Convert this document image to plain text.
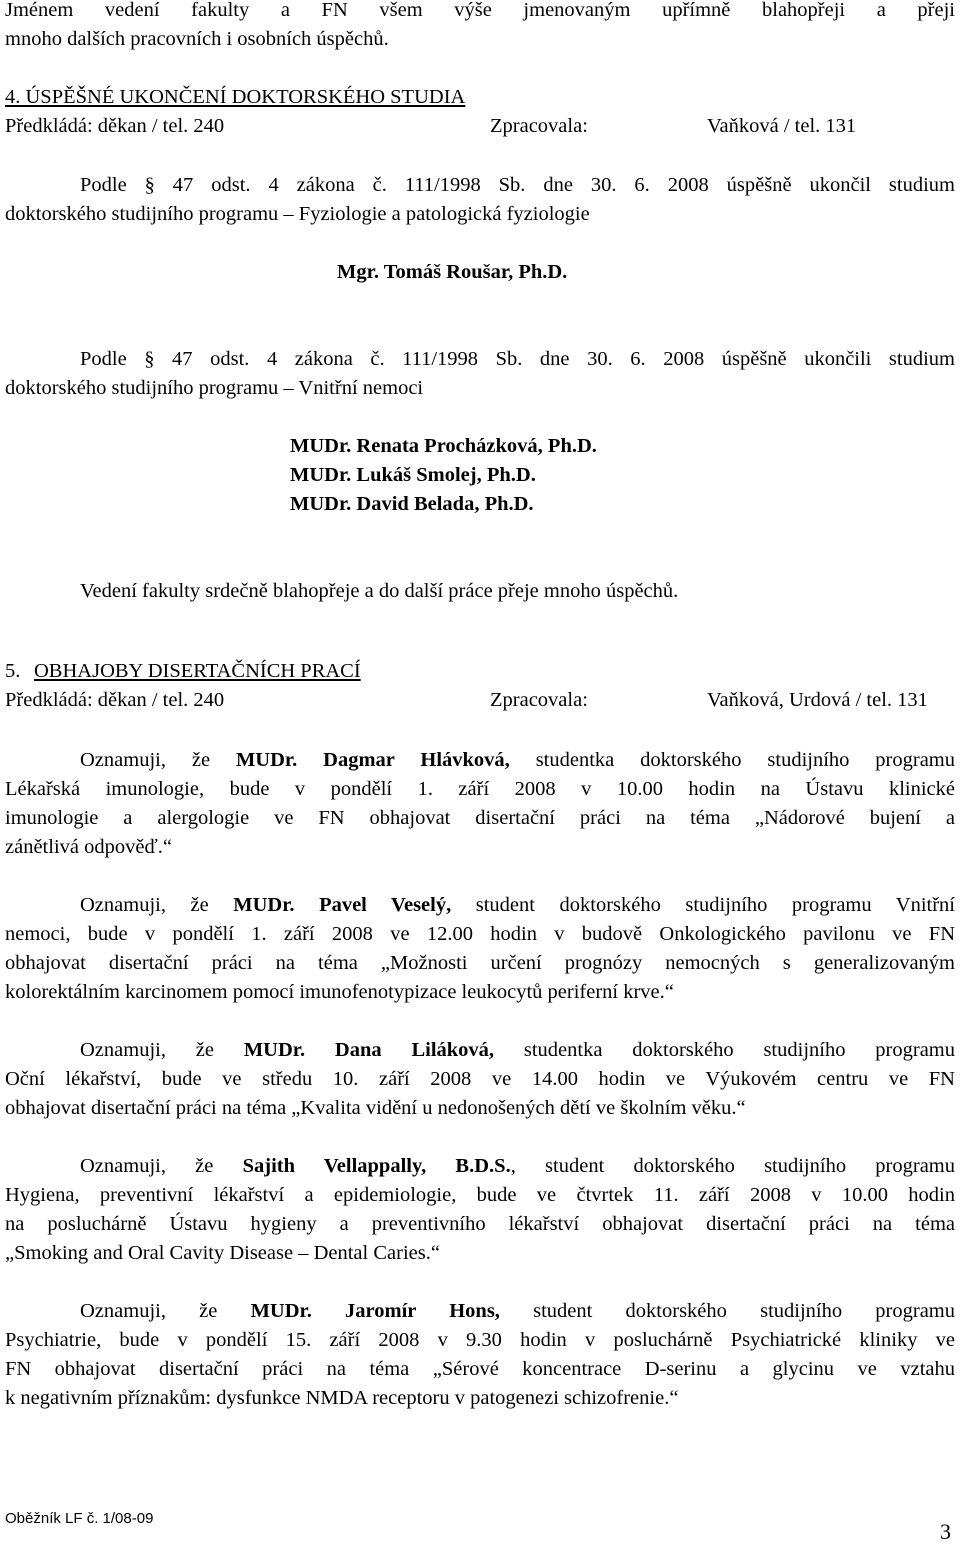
Jménem vedení fakulty a FN všem výše jmenovaným upřímně blahopřeji a přeji
mnoho dalších pracovních i osobních úspěchů.
4. ÚSPĚŠNÉ UKONČENÍ DOKTORSKÉHO STUDIA
Předkládá: děkan / tel. 240	Zpracovala:	Vaňková / tel. 131
Podle § 47 odst. 4 zákona č. 111/1998 Sb. dne 30. 6. 2008 úspěšně ukončil studium
doktorského studijního programu – Fyziologie a patologická fyziologie
Mgr. Tomáš Roušar, Ph.D.
Podle § 47 odst. 4 zákona č. 111/1998 Sb. dne 30. 6. 2008 úspěšně ukončili studium
doktorského studijního programu – Vnitřní nemoci
MUDr. Renata Procházková, Ph.D.
MUDr. Lukáš Smolej, Ph.D.
MUDr. David Belada, Ph.D.
Vedení fakulty srdečně blahopřeje a do další práce přeje mnoho úspěchů.
5. OBHAJOBY DISERTAČNÍCH PRACÍ
Předkládá: děkan / tel. 240	Zpracovala:	Vaňková, Urdová / tel. 131
Oznamuji, že MUDr. Dagmar Hlávková, studentka doktorského studijního programu
Lékařská imunologie, bude v pondělí 1. září 2008 v 10.00 hodin na Ústavu klinické
imunologie a alergologie ve FN obhajovat disertační práci na téma „Nádorové bujení a
zánětlivá odpověď.“
Oznamuji, že MUDr. Pavel Veselý, student doktorského studijního programu Vnitřní
nemoci, bude v pondělí 1. září 2008 ve 12.00 hodin v budově Onkologického pavilonu ve FN
obhajovat disertační práci na téma „Možnosti určení prognózy nemocných s generalizovaným
kolorektálním karcinomem pomocí imunofenotypizace leukocytů periferní krve.“
Oznamuji, že MUDr. Dana Liláková, studentka doktorského studijního programu
Oční lékařství, bude ve středu 10. září 2008 ve 14.00 hodin ve Výukovém centru ve FN
obhajovat disertační práci na téma „Kvalita vidění u nedonošených dětí ve školním věku.“
Oznamuji, že Sajith Vellappally, B.D.S., student doktorského studijního programu
Hygiena, preventivní lékařství a epidemiologie, bude ve čtvrtek 11. září 2008 v 10.00 hodin
na posluchárně Ústavu hygieny a preventivního lékařství obhajovat disertační práci na téma
„Smoking and Oral Cavity Disease – Dental Caries.“
Oznamuji, že MUDr. Jaromír Hons, student doktorského studijního programu
Psychiatrie, bude v pondělí 15. září 2008 v 9.30 hodin v posluchárně Psychiatrické kliniky ve
FN obhajovat disertační práci na téma „Sérové koncentrace D-serinu a glycinu ve vztahu
k negativním příznakům: dysfunkce NMDA receptoru v patogenezi schizofrenie.“
Oběžník LF č. 1/08-09
3
